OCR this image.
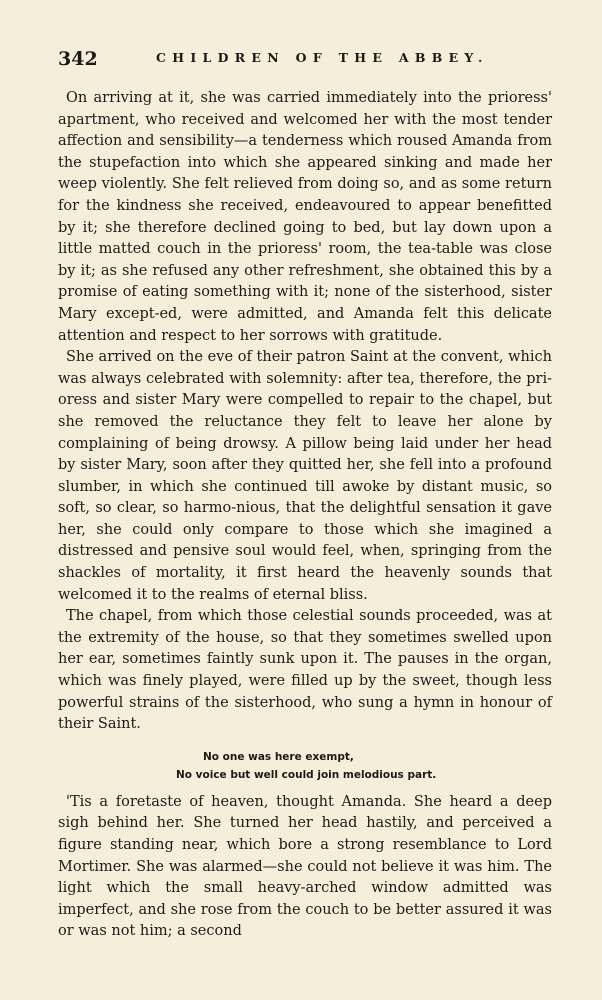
342	CHILDREN OF THE ABBEY.

On arriving at it, she was carried immediately into the prioress' apartment, who received and welcomed her with the most tender affection and sensibility—a tenderness which roused Amanda from the stupefaction into which she appeared sinking and made her weep violently. She felt relieved from doing so, and as some return for the kindness she received, endeavoured to appear benefitted by it; she therefore declined going to bed, but lay down upon a little matted couch in the prioress' room, the tea-table was close by it; as she refused any other refreshment, she obtained this by a promise of eating something with it; none of the sisterhood, sister Mary except-ed, were admitted, and Amanda felt this delicate attention and respect to her sorrows with gratitude.

She arrived on the eve of their patron Saint at the convent, which was always celebrated with solemnity: after tea, therefore, the pri-oress and sister Mary were compelled to repair to the chapel, but she removed the reluctance they felt to leave her alone by complaining of being drowsy. A pillow being laid under her head by sister Mary, soon after they quitted her, she fell into a profound slumber, in which she continued till awoke by distant music, so soft, so clear, so harmo-nious, that the delightful sensation it gave her, she could only compare to those which she imagined a distressed and pensive soul would feel, when, springing from the shackles of mortality, it first heard the heavenly sounds that welcomed it to the realms of eternal bliss.

The chapel, from which those celestial sounds proceeded, was at the extremity of the house, so that they sometimes swelled upon her ear, sometimes faintly sunk upon it. The pauses in the organ, which was finely played, were filled up by the sweet, though less powerful strains of the sisterhood, who sung a hymn in honour of their Saint.

No one was here exempt,
No voice but well could join melodious part.

'Tis a foretaste of heaven, thought Amanda. She heard a deep sigh behind her. She turned her head hastily, and perceived a figure standing near, which bore a strong resemblance to Lord Mortimer. She was alarmed—she could not believe it was him. The light which the small heavy-arched window admitted was imperfect, and she rose from the couch to be better assured it was or was not him; a second
